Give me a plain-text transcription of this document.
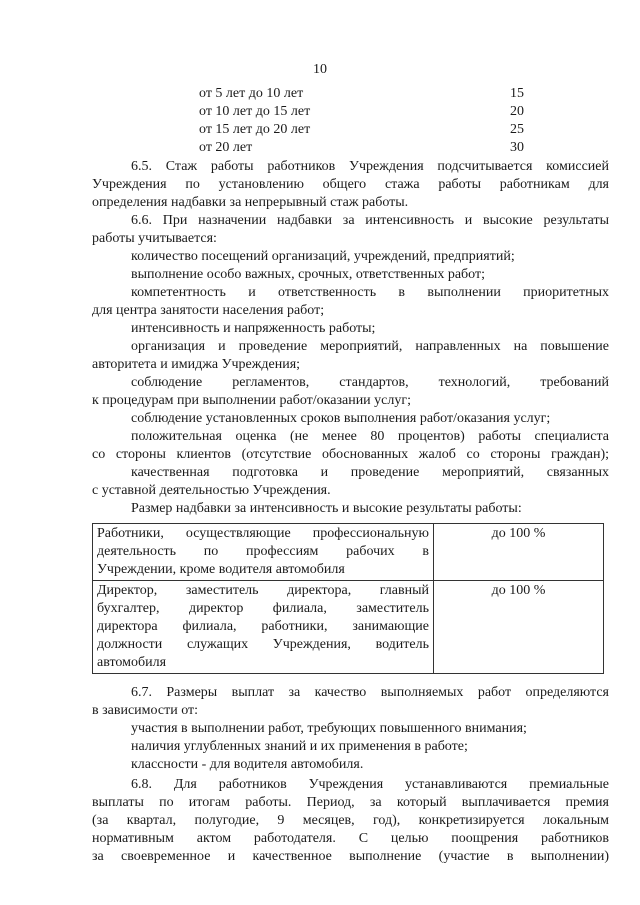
10
от 5 лет до 10 лет	15
от 10 лет до 15 лет	20
от 15 лет до 20 лет	25
от 20 лет	30
6.5. Стаж работы работников Учреждения подсчитывается комиссией
Учреждения по установлению общего стажа работы работникам для
определения надбавки за непрерывный стаж работы.
6.6. При назначении надбавки за интенсивность и высокие результаты
работы учитывается:
количество посещений организаций, учреждений, предприятий;
выполнение особо важных, срочных, ответственных работ;
компетентность и ответственность в выполнении приоритетных
для центра занятости населения работ;
интенсивность и напряженность работы;
организация и проведение мероприятий, направленных на повышение
авторитета и имиджа Учреждения;
соблюдение регламентов, стандартов, технологий, требований
к процедурам при выполнении работ/оказании услуг;
соблюдение установленных сроков выполнения работ/оказания услуг;
положительная оценка (не менее 80 процентов) работы специалиста
со стороны клиентов (отсутствие обоснованных жалоб со стороны граждан);
качественная подготовка и проведение мероприятий, связанных
с уставной деятельностью Учреждения.
Размер надбавки за интенсивность и высокие результаты работы:
Работники, осуществляющие профессиональную
деятельность по профессиям рабочих в
Учреждении, кроме водителя автомобиля	до 100 %

Директор, заместитель директора, главный
бухгалтер, директор филиала, заместитель
директора филиала, работники, занимающие
должности служащих Учреждения, водитель
автомобиля	до 100 %
6.7. Размеры выплат за качество выполняемых работ определяются
в зависимости от:
участия в выполнении работ, требующих повышенного внимания;
наличия углубленных знаний и их применения в работе;
классности - для водителя автомобиля.
6.8. Для работников Учреждения устанавливаются премиальные
выплаты по итогам работы. Период, за который выплачивается премия
(за квартал, полугодие, 9 месяцев, год), конкретизируется локальным
нормативным актом работодателя. С целью поощрения работников
за своевременное и качественное выполнение (участие в выполнении)
